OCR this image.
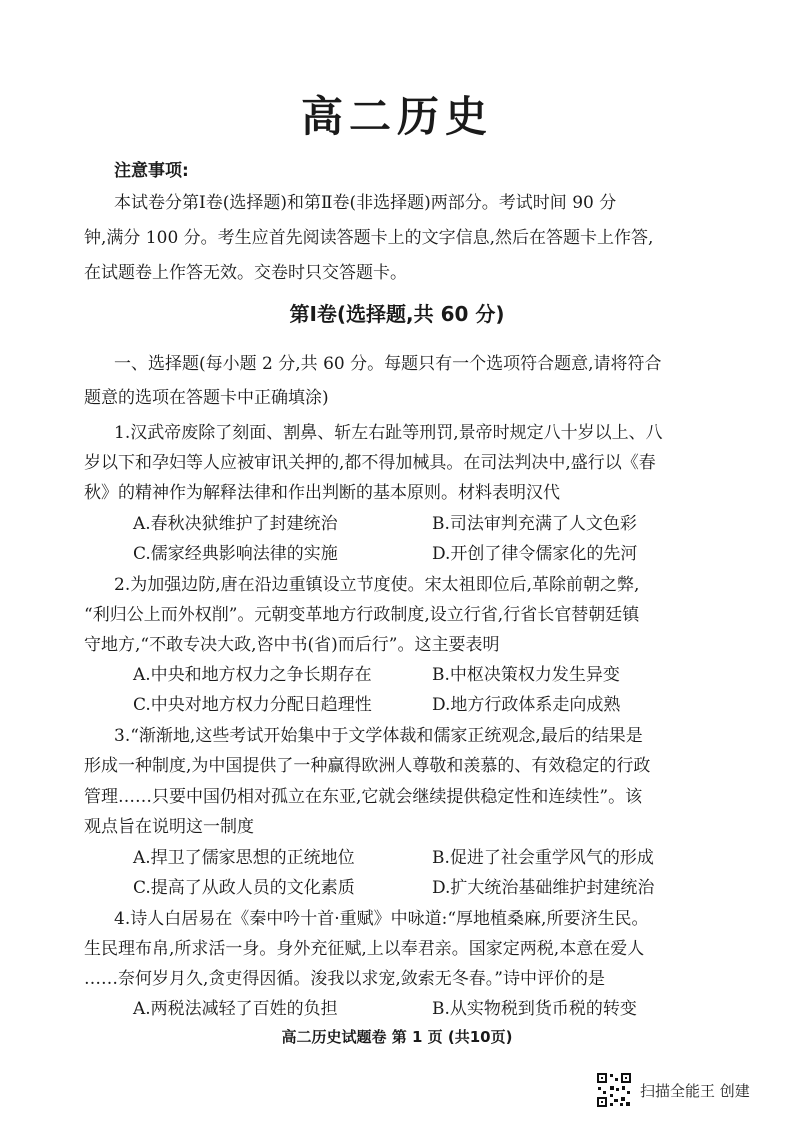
高二历史
注意事项:
本试卷分第Ⅰ卷(选择题)和第Ⅱ卷(非选择题)两部分。考试时间 90 分
钟,满分 100 分。考生应首先阅读答题卡上的文字信息,然后在答题卡上作答,
在试题卷上作答无效。交卷时只交答题卡。
第Ⅰ卷(选择题,共 60 分)
一、选择题(每小题 2 分,共 60 分。每题只有一个选项符合题意,请将符合
题意的选项在答题卡中正确填涂)
1.汉武帝废除了刻面、割鼻、斩左右趾等刑罚,景帝时规定八十岁以上、八
岁以下和孕妇等人应被审讯关押的,都不得加械具。在司法判决中,盛行以《春
秋》的精神作为解释法律和作出判断的基本原则。材料表明汉代
A.春秋决狱维护了封建统治	B.司法审判充满了人文色彩
C.儒家经典影响法律的实施	D.开创了律令儒家化的先河
2.为加强边防,唐在沿边重镇设立节度使。宋太祖即位后,革除前朝之弊,
“利归公上而外权削”。元朝变革地方行政制度,设立行省,行省长官替朝廷镇
守地方,“不敢专决大政,咨中书(省)而后行”。这主要表明
A.中央和地方权力之争长期存在	B.中枢决策权力发生异变
C.中央对地方权力分配日趋理性	D.地方行政体系走向成熟
3.“渐渐地,这些考试开始集中于文学体裁和儒家正统观念,最后的结果是
形成一种制度,为中国提供了一种赢得欧洲人尊敬和羡慕的、有效稳定的行政
管理……只要中国仍相对孤立在东亚,它就会继续提供稳定性和连续性”。该
观点旨在说明这一制度
A.捍卫了儒家思想的正统地位	B.促进了社会重学风气的形成
C.提高了从政人员的文化素质	D.扩大统治基础维护封建统治
4.诗人白居易在《秦中吟十首·重赋》中咏道:“厚地植桑麻,所要济生民。
生民理布帛,所求活一身。身外充征赋,上以奉君亲。国家定两税,本意在爱人
……奈何岁月久,贪吏得因循。浚我以求宠,敛索无冬春。”诗中评价的是
A.两税法减轻了百姓的负担	B.从实物税到货币税的转变
高二历史试题卷 第 1 页 (共10页)
扫描全能王 创建
